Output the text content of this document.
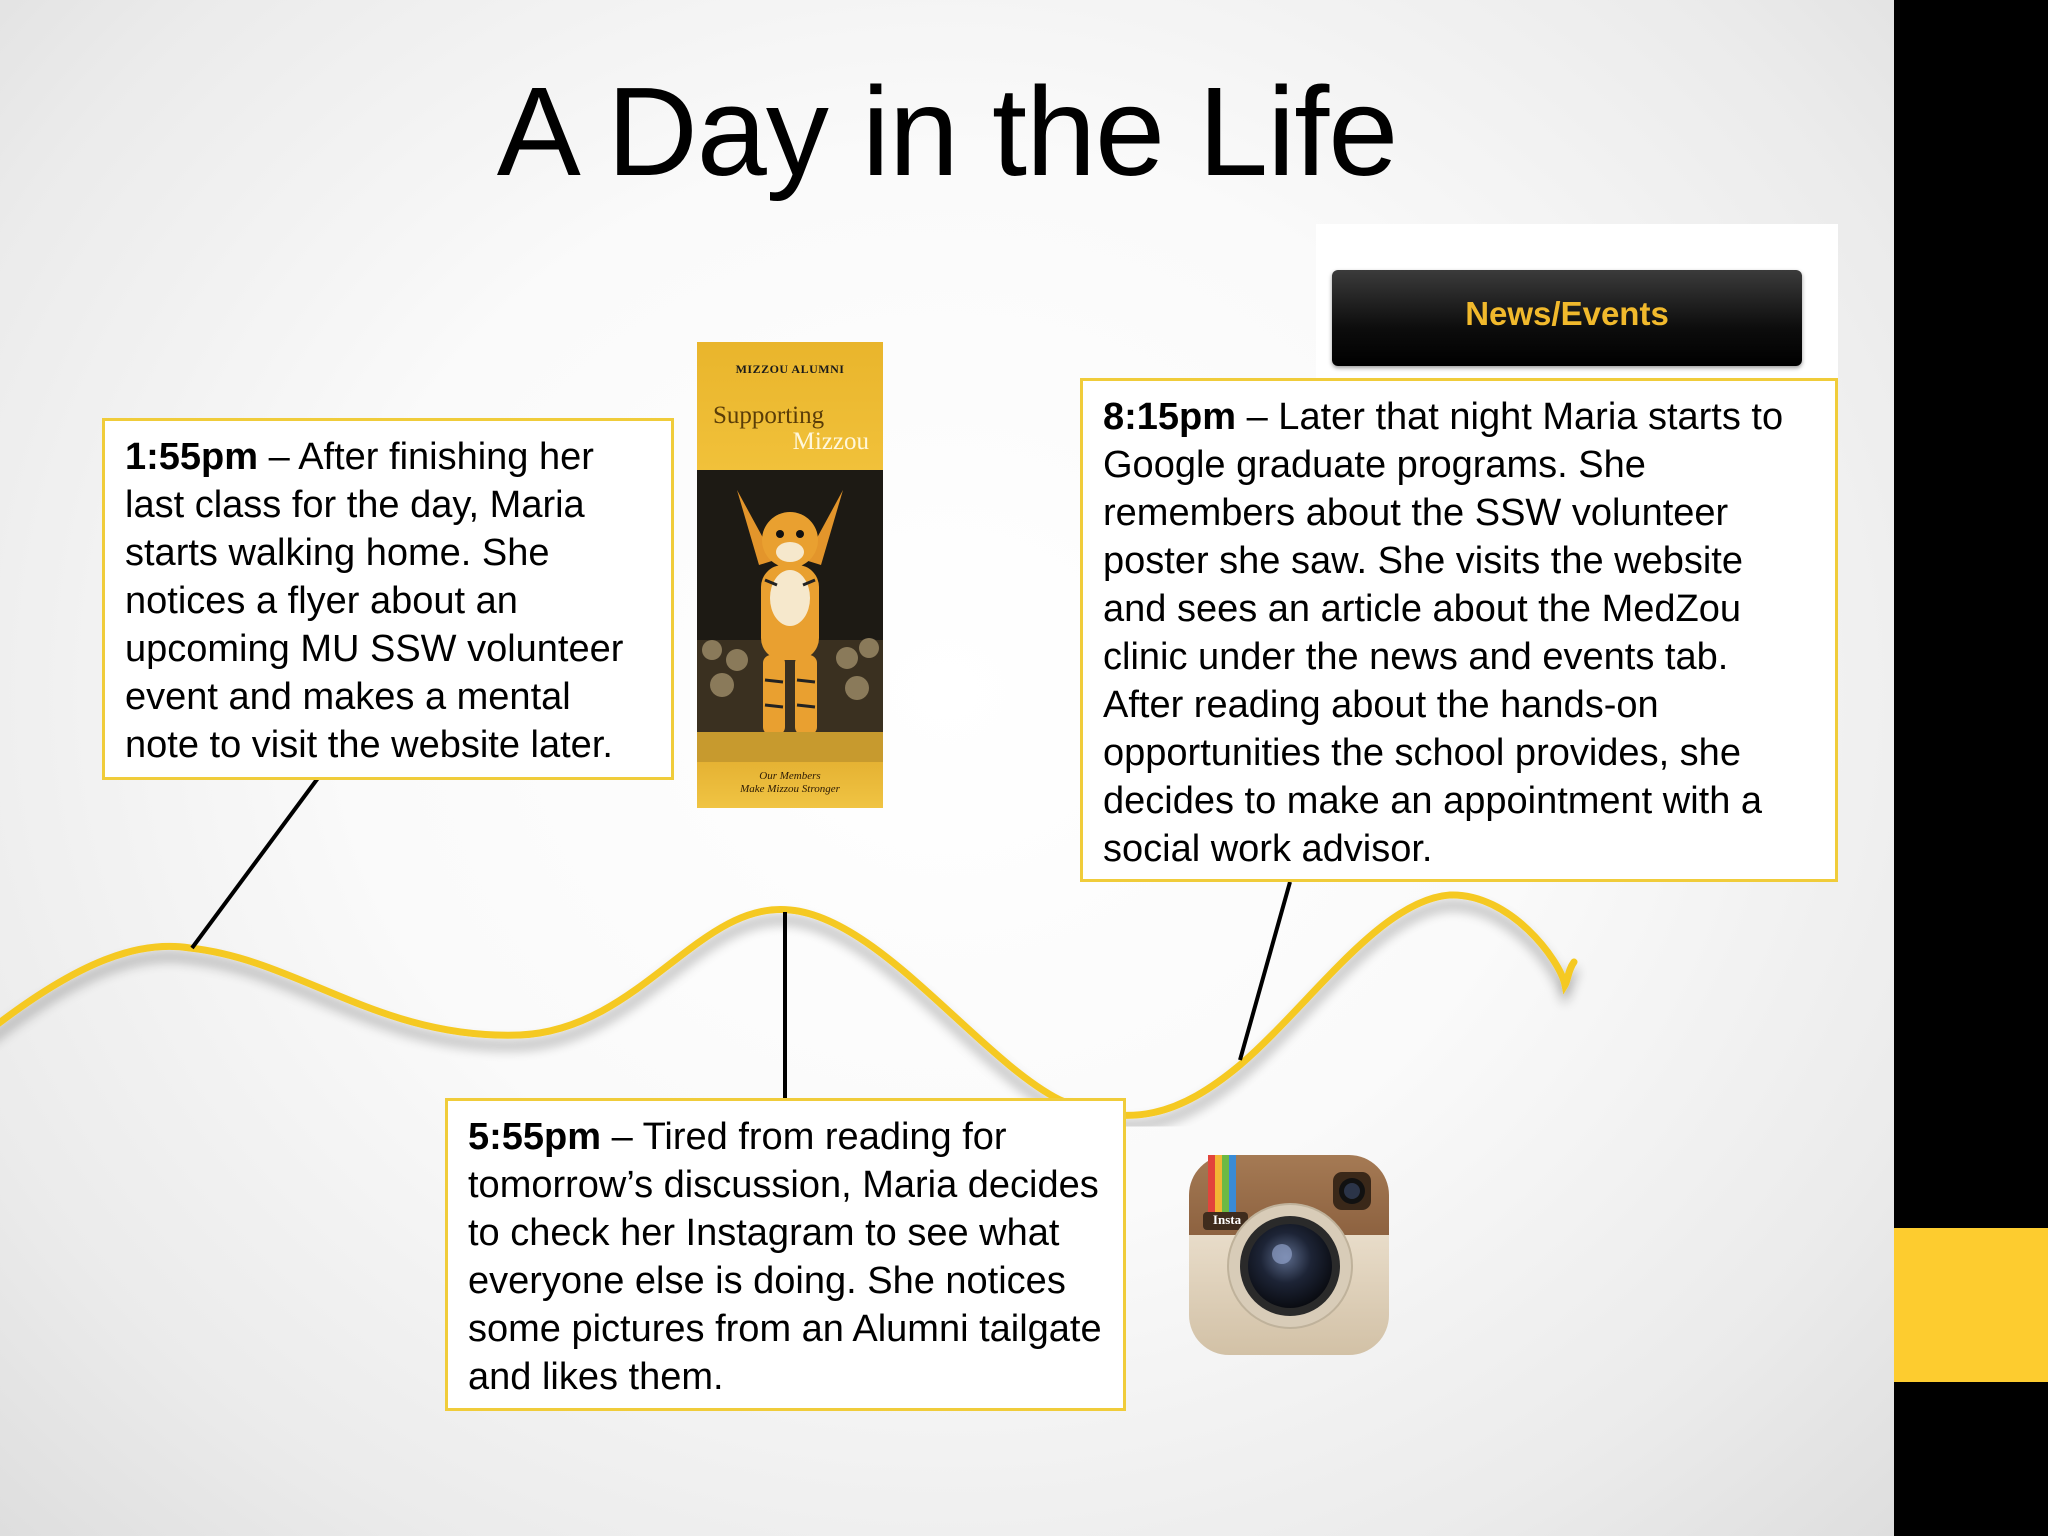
A Day in the Life
News/Events
MIZZOU ALUMNI
Supporting
Mizzou
Our Members
Make Mizzou Stronger
1:55pm – After finishing her last class for the day, Maria starts walking home. She notices a flyer about an upcoming MU SSW volunteer event and makes a mental note to visit the website later.
5:55pm – Tired from reading for tomorrow’s discussion, Maria decides to check her Instagram to see what everyone else is doing. She notices some pictures from an Alumni tailgate and likes them.
8:15pm – Later that night Maria starts to Google graduate programs. She remembers about the SSW volunteer poster she saw. She visits the website and sees an article about the MedZou clinic under the news and events tab. After reading about the hands-on opportunities the school provides, she decides to make an appointment with a social work advisor.
Insta
